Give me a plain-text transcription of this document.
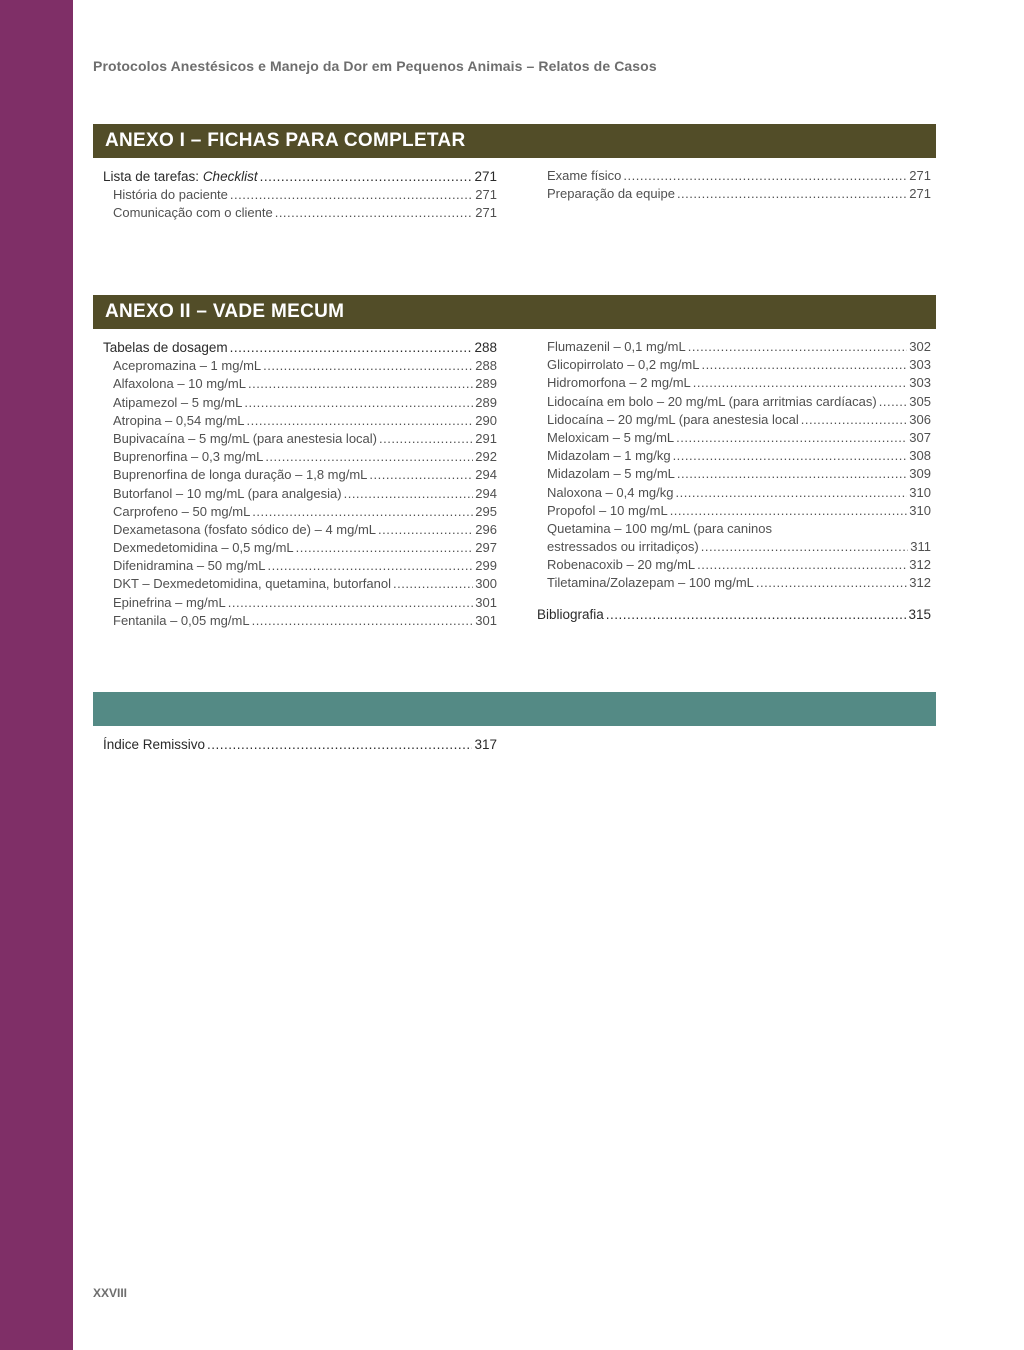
Protocolos Anestésicos e Manejo da Dor em Pequenos Animais – Relatos de Casos
ANEXO I – FICHAS PARA COMPLETAR
Lista de tarefas: Checklist .....	271
História do paciente .....	271
Comunicação com o cliente .....	271
Exame físico .....	271
Preparação da equipe .....	271
ANEXO II – VADE MECUM
Tabelas de dosagem .....	288
Acepromazina – 1 mg/mL .....	288
Alfaxolona – 10 mg/mL .....	289
Atipamezol – 5 mg/mL .....	289
Atropina – 0,54 mg/mL .....	290
Bupivacaína – 5 mg/mL (para anestesia local) .....	291
Buprenorfina – 0,3 mg/mL .....	292
Buprenorfina de longa duração – 1,8 mg/mL .....	294
Butorfanol – 10 mg/mL (para analgesia) .....	294
Carprofeno – 50 mg/mL .....	295
Dexametasona (fosfato sódico de) – 4 mg/mL .....	296
Dexmedetomidina – 0,5 mg/mL .....	297
Difenidramina – 50 mg/mL .....	299
DKT – Dexmedetomidina, quetamina, butorfanol .....	300
Epinefrina – mg/mL .....	301
Fentanila – 0,05 mg/mL .....	301
Flumazenil – 0,1 mg/mL .....	302
Glicopirrolato – 0,2 mg/mL .....	303
Hidromorfona – 2 mg/mL .....	303
Lidocaína em bolo – 20 mg/mL (para arritmias cardíacas) .....	305
Lidocaína – 20 mg/mL (para anestesia local .....	306
Meloxicam – 5 mg/mL .....	307
Midazolam – 1 mg/kg .....	308
Midazolam – 5 mg/mL .....	309
Naloxona – 0,4 mg/kg .....	310
Propofol – 10 mg/mL .....	310
Quetamina – 100 mg/mL (para caninos
estressados ou irritadiços) .....	311
Robenacoxib – 20 mg/mL .....	312
Tiletamina/Zolazepam – 100 mg/mL .....	312
Bibliografia .....	315
Índice Remissivo .....	317
XXVIII
